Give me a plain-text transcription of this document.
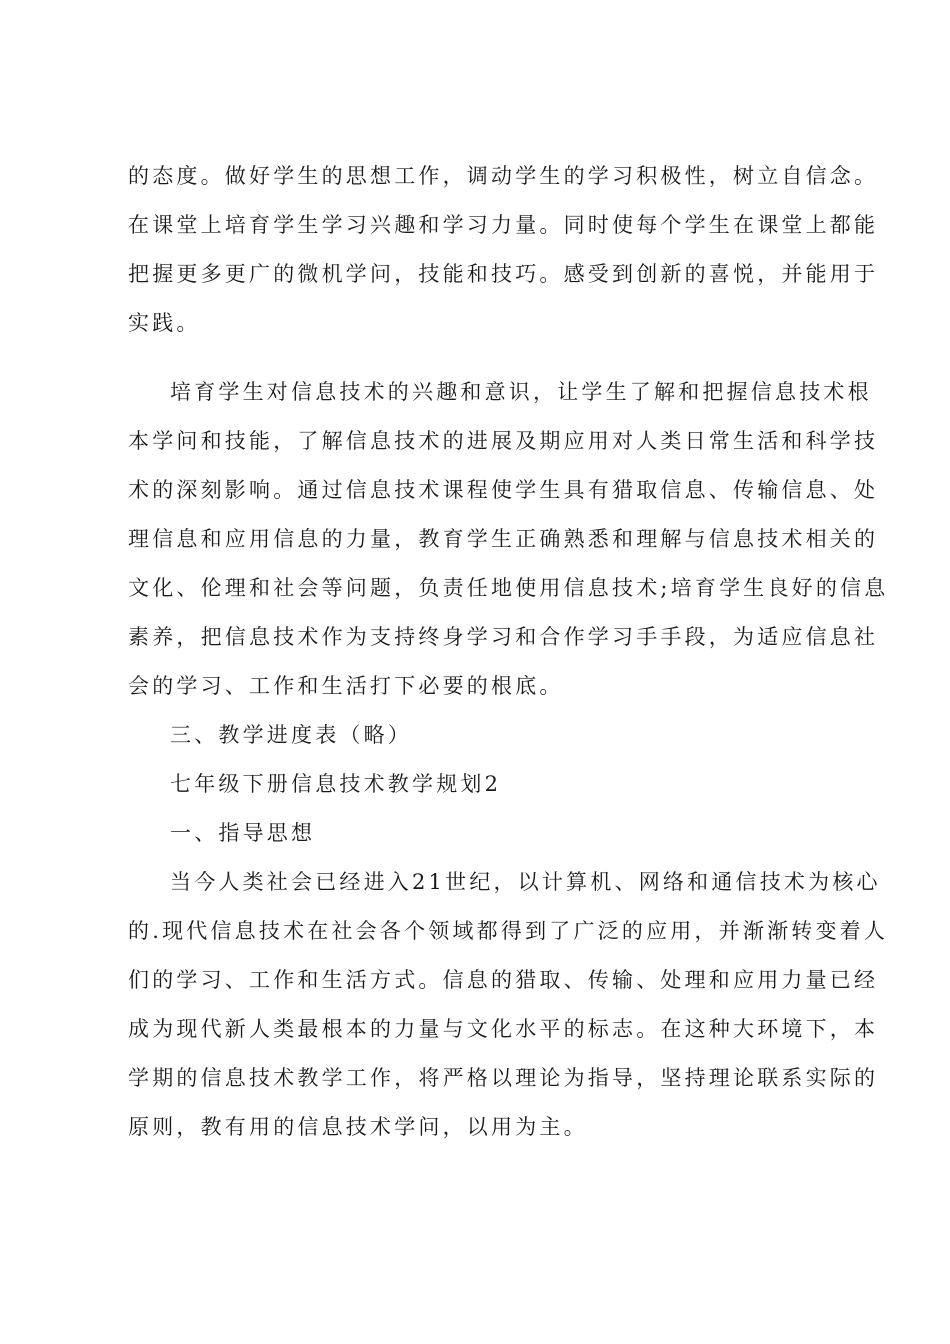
的态度。做好学生的思想工作，调动学生的学习积极性，树立自信念。
在课堂上培育学生学习兴趣和学习力量。同时使每个学生在课堂上都能
把握更多更广的微机学问，技能和技巧。感受到创新的喜悦，并能用于
实践。
培育学生对信息技术的兴趣和意识，让学生了解和把握信息技术根
本学问和技能，了解信息技术的进展及期应用对人类日常生活和科学技
术的深刻影响。通过信息技术课程使学生具有猎取信息、传输信息、处
理信息和应用信息的力量，教育学生正确熟悉和理解与信息技术相关的
文化、伦理和社会等问题，负责任地使用信息技术;培育学生良好的信息
素养，把信息技术作为支持终身学习和合作学习手手段，为适应信息社
会的学习、工作和生活打下必要的根底。
三、教学进度表（略）
七年级下册信息技术教学规划2
一、指导思想
当今人类社会已经进入21世纪，以计算机、网络和通信技术为核心
的.现代信息技术在社会各个领域都得到了广泛的应用，并渐渐转变着人
们的学习、工作和生活方式。信息的猎取、传输、处理和应用力量已经
成为现代新人类最根本的力量与文化水平的标志。在这种大环境下，本
学期的信息技术教学工作，将严格以理论为指导，坚持理论联系实际的
原则，教有用的信息技术学问，以用为主。
